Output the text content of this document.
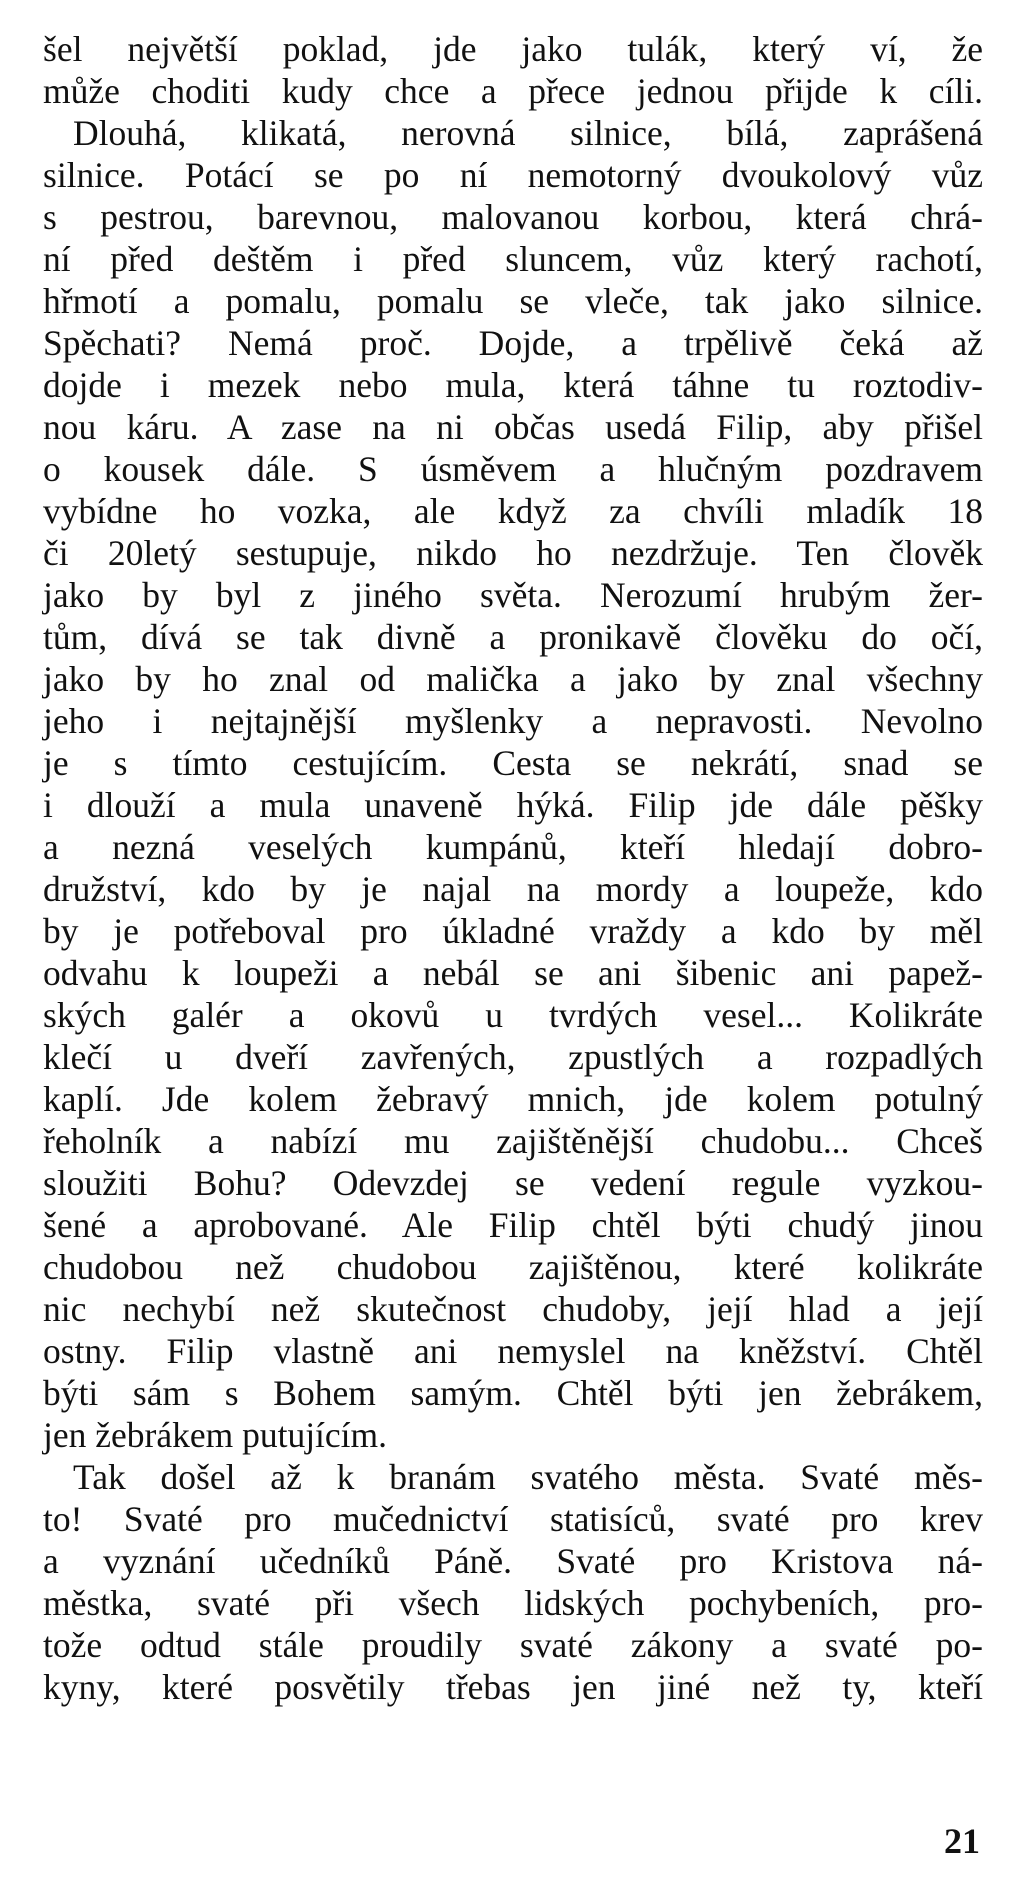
šel největší poklad, jde jako tulák, který ví, že
může choditi kudy chce a přece jednou přijde k cíli.
Dlouhá, klikatá, nerovná silnice, bílá, zaprášená
silnice. Potácí se po ní nemotorný dvoukolový vůz
s pestrou, barevnou, malovanou korbou, která chrá-
ní před deštěm i před sluncem, vůz který rachotí,
hřmotí a pomalu, pomalu se vleče, tak jako silnice.
Spěchati? Nemá proč. Dojde, a trpělivě čeká až
dojde i mezek nebo mula, která táhne tu roztodiv-
nou káru. A zase na ni občas usedá Filip, aby přišel
o kousek dále. S úsměvem a hlučným pozdravem
vybídne ho vozka, ale když za chvíli mladík 18
či 20letý sestupuje, nikdo ho nezdržuje. Ten člověk
jako by byl z jiného světa. Nerozumí hrubým žer-
tům, dívá se tak divně a pronikavě člověku do očí,
jako by ho znal od malička a jako by znal všechny
jeho i nejtajnější myšlenky a nepravosti. Nevolno
je s tímto cestujícím. Cesta se nekrátí, snad se
i dlouží a mula unaveně hýká. Filip jde dále pěšky
a nezná veselých kumpánů, kteří hledají dobro-
družství, kdo by je najal na mordy a loupeže, kdo
by je potřeboval pro úkladné vraždy a kdo by měl
odvahu k loupeži a nebál se ani šibenic ani papež-
ských galér a okovů u tvrdých vesel... Kolikráte
klečí u dveří zavřených, zpustlých a rozpadlých
kaplí. Jde kolem žebravý mnich, jde kolem potulný
řeholník a nabízí mu zajištěnější chudobu... Chceš
sloužiti Bohu? Odevzdej se vedení regule vyzkou-
šené a aprobované. Ale Filip chtěl býti chudý jinou
chudobou než chudobou zajištěnou, které kolikráte
nic nechybí než skutečnost chudoby, její hlad a její
ostny. Filip vlastně ani nemyslel na kněžství. Chtěl
býti sám s Bohem samým. Chtěl býti jen žebrákem,
jen žebrákem putujícím.
Tak došel až k branám svatého města. Svaté měs-
to! Svaté pro mučednictví statisíců, svaté pro krev
a vyznání učedníků Páně. Svaté pro Kristova ná-
městka, svaté při všech lidských pochybeních, pro-
tože odtud stále proudily svaté zákony a svaté po-
kyny, které posvětily třebas jen jiné než ty, kteří
21
